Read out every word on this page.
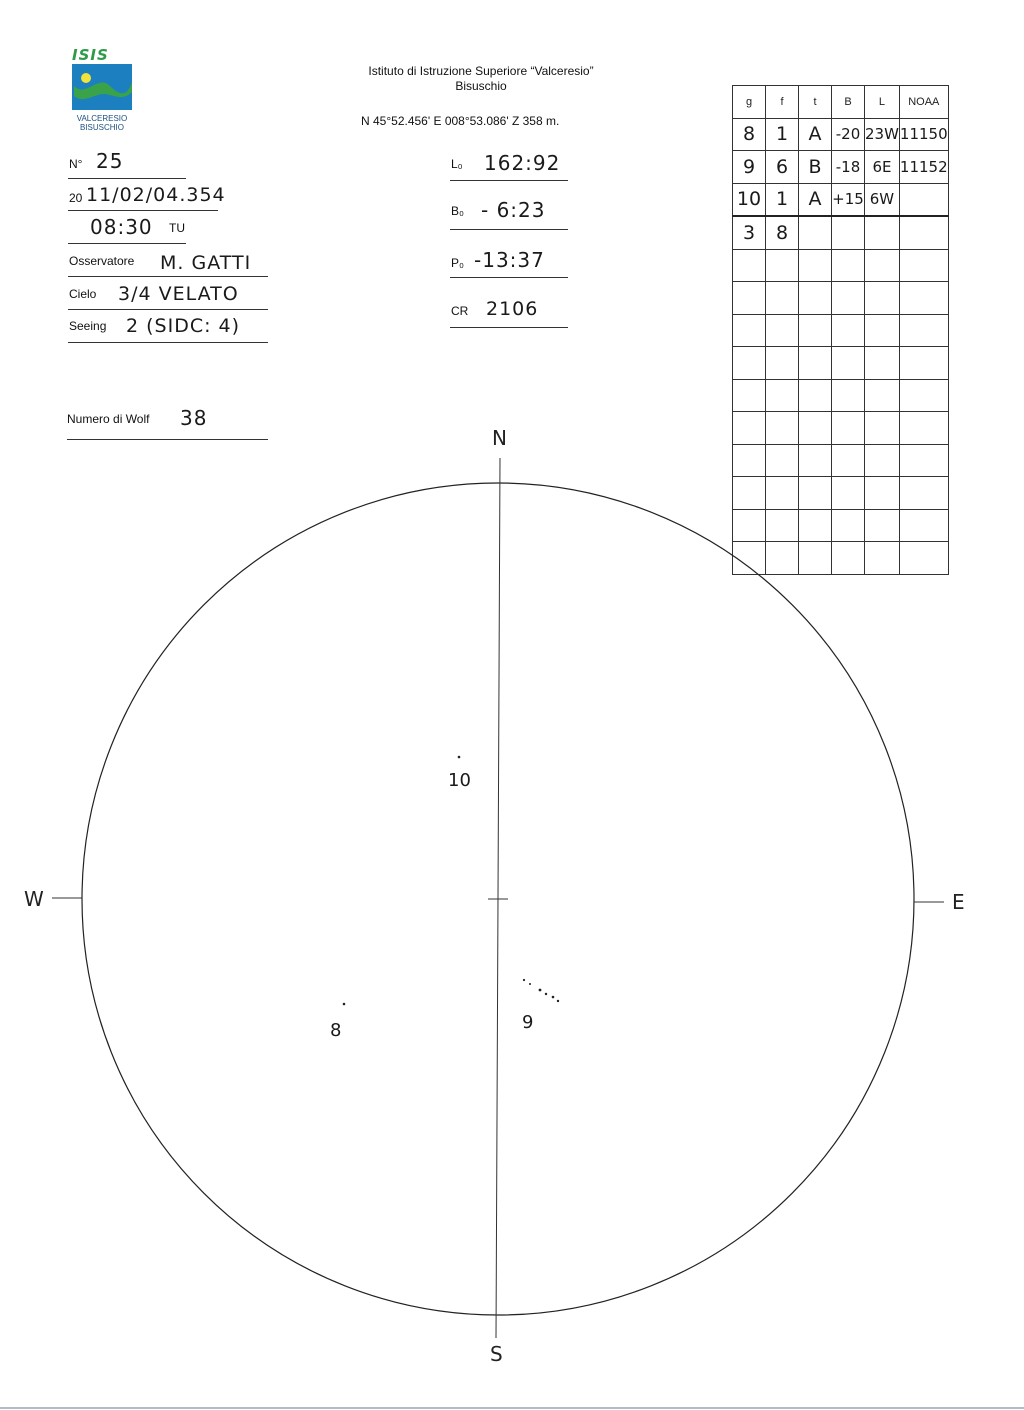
ISIS
VALCERESIO
BISUSCHIO
Istituto di Istruzione Superiore “Valceresio”
Bisuschio
N 45°52.456' E 008°53.086' Z 358 m.
N° 25
20 11/02/04.354
08:30 TU
Osservatore M. GATTI
Cielo 3/4 VELATO
Seeing 2 (SIDC: 4)
Numero di Wolf 38
L₀ 162:92
B₀ - 6:23
P₀ -13:37
CR 2106
g	f	t	B	L	NOAA
8	1	A	-20	23W	11150
9	6	B	-18	6E	11152
10	1	A	+15	6W	
3	8				

N
S
E
W
10
8	9
